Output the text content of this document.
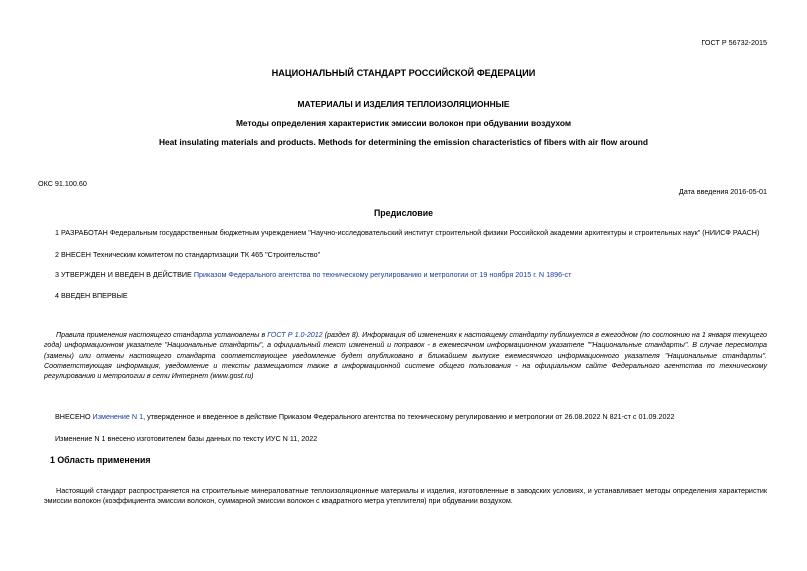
ГОСТ Р 56732-2015
НАЦИОНАЛЬНЫЙ СТАНДАРТ РОССИЙСКОЙ ФЕДЕРАЦИИ
МАТЕРИАЛЫ И ИЗДЕЛИЯ ТЕПЛОИЗОЛЯЦИОННЫЕ
Методы определения характеристик эмиссии волокон при обдувании воздухом
Heat insulating materials and products. Methods for determining the emission characteristics of fibers with air flow around
ОКС 91.100.60
Дата введения 2016-05-01
Предисловие
1 РАЗРАБОТАН Федеральным государственным бюджетным учреждением "Научно-исследовательский институт строительной физики Российской академии архитектуры и строительных наук" (НИИСФ РААСН)
2 ВНЕСЕН Техническим комитетом по стандартизации ТК 465 "Строительство"
3 УТВЕРЖДЕН И ВВЕДЕН В ДЕЙСТВИЕ Приказом Федерального агентства по техническому регулированию и метрологии от 19 ноября 2015 г. N 1896-ст
4 ВВЕДЕН ВПЕРВЫЕ
Правила применения настоящего стандарта установлены в ГОСТ Р 1.0-2012 (раздел 8). Информация об изменениях к настоящему стандарту публикуется в ежегодном (по состоянию на 1 января текущего года) информационном указателе "Национальные стандарты", а официальный текст изменений и поправок - в ежемесячном информационном указателе ""Национальные стандарты". В случае пересмотра (замены) или отмены настоящего стандарта соответствующее уведомление будет опубликовано в ближайшем выпуске ежемесячного информационного указателя "Национальные стандарты". Соответствующая информация, уведомление и тексты размещаются также в информационной системе общего пользования - на официальном сайте Федерального агентства по техническому регулированию и метрологии в сети Интернет (www.gost.ru)
ВНЕСЕНО Изменение N 1, утвержденное и введенное в действие Приказом Федерального агентства по техническому регулированию и метрологии от 26.08.2022 N 821-ст с 01.09.2022
Изменение N 1 внесено изготовителем базы данных по тексту ИУС N 11, 2022
1 Область применения
Настоящий стандарт распространяется на строительные минераловатные теплоизоляционные материалы и изделия, изготовленные в заводских условиях, и устанавливает методы определения характеристик эмиссии волокон (коэффициента эмиссии волокон, суммарной эмиссии волокон с квадратного метра утеплителя) при обдувании воздухом.
